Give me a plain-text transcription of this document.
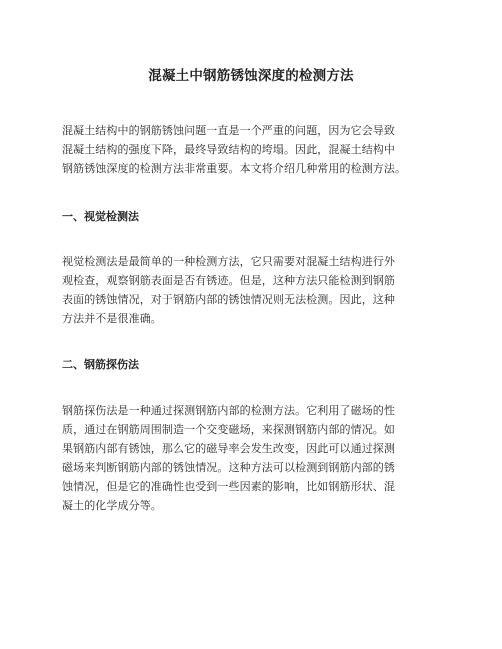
混凝土中钢筋锈蚀深度的检测方法

混凝土结构中的钢筋锈蚀问题一直是一个严重的问题，因为它会导致

混凝土结构的强度下降，最终导致结构的垮塌。因此，混凝土结构中

钢筋锈蚀深度的检测方法非常重要。本文将介绍几种常用的检测方法。

一、视觉检测法

视觉检测法是最简单的一种检测方法，它只需要对混凝土结构进行外

观检查，观察钢筋表面是否有锈迹。但是，这种方法只能检测到钢筋

表面的锈蚀情况，对于钢筋内部的锈蚀情况则无法检测。因此，这种

方法并不是很准确。

二、钢筋探伤法

钢筋探伤法是一种通过探测钢筋内部的检测方法。它利用了磁场的性

质，通过在钢筋周围制造一个交变磁场，来探测钢筋内部的情况。如

果钢筋内部有锈蚀，那么它的磁导率会发生改变，因此可以通过探测

磁场来判断钢筋内部的锈蚀情况。这种方法可以检测到钢筋内部的锈

蚀情况，但是它的准确性也受到一些因素的影响，比如钢筋形状、混

凝土的化学成分等。
